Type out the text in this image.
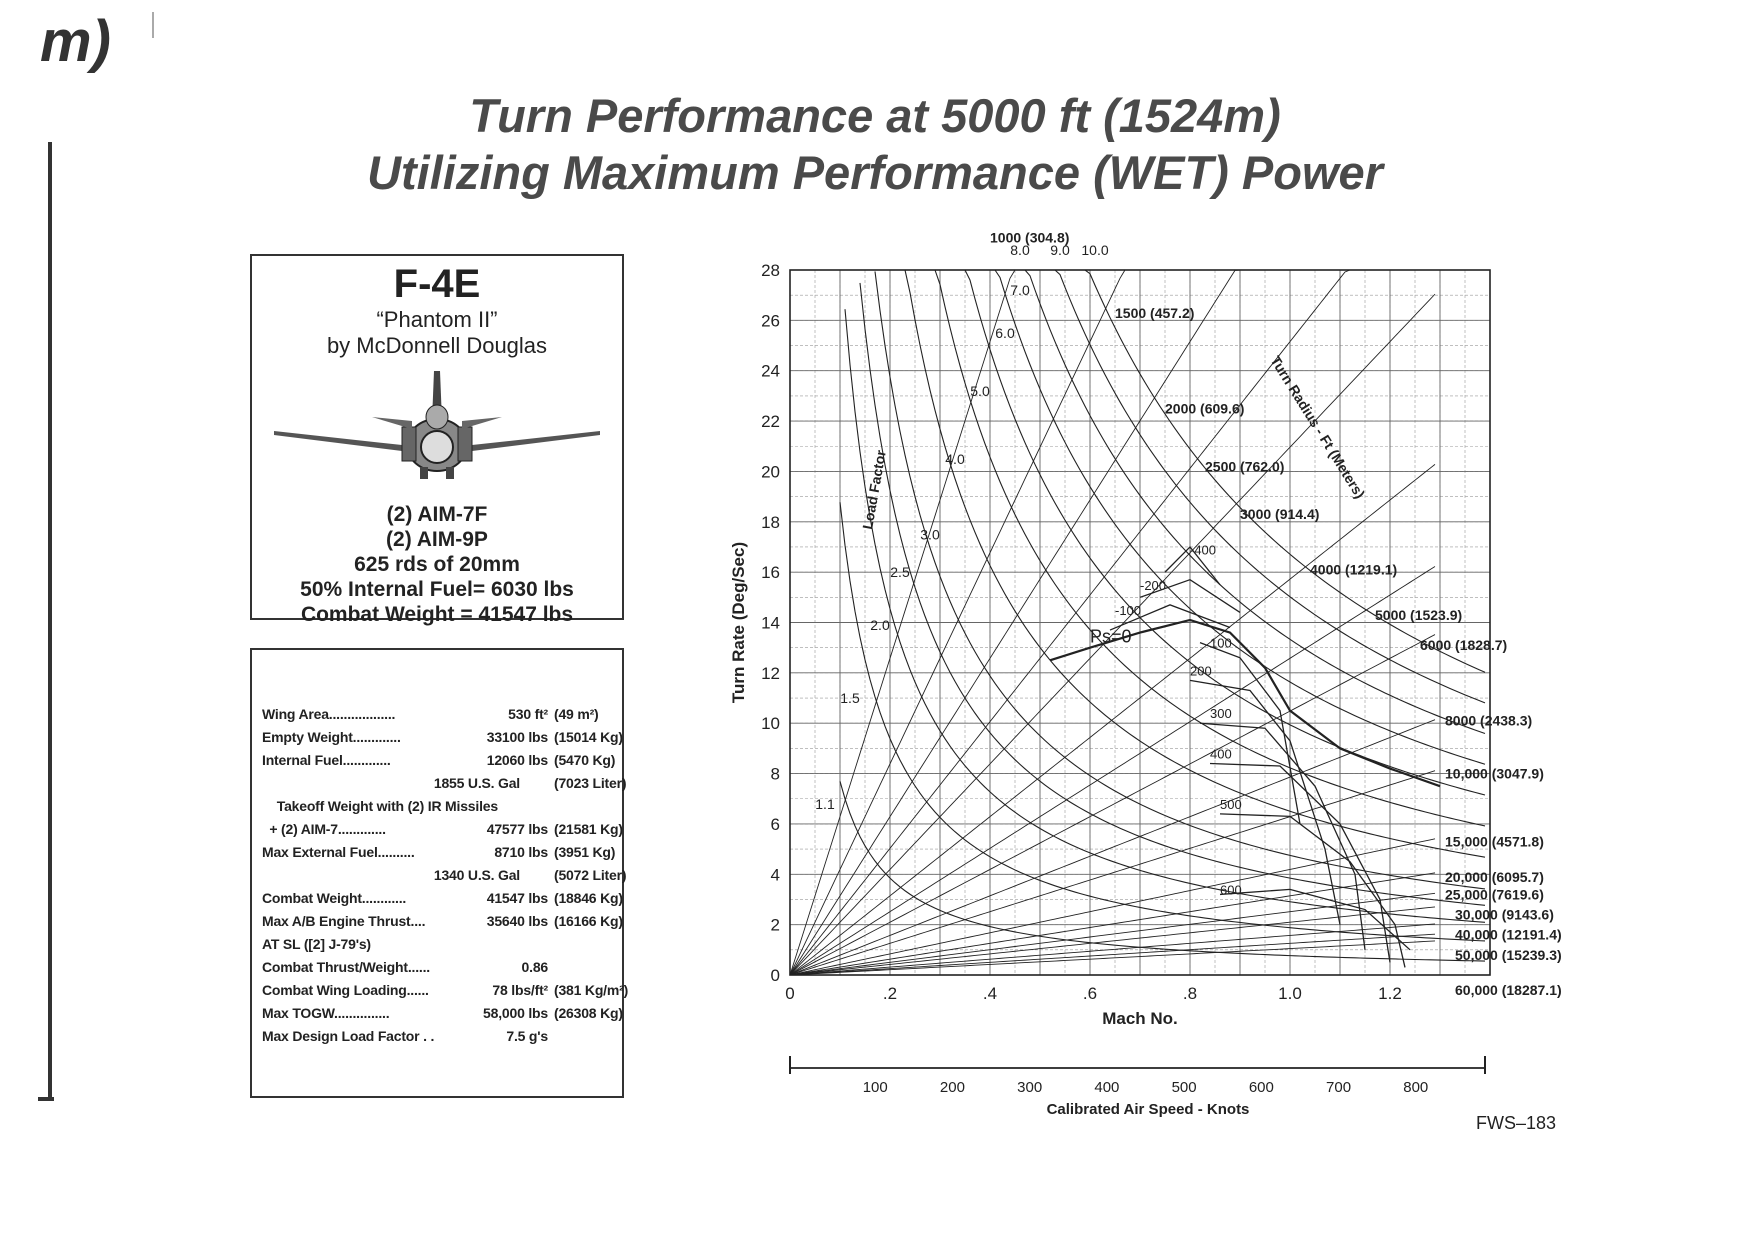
m)
Turn Performance at 5000 ft (1524m)
Utilizing Maximum Performance (WET) Power
F-4E
“Phantom II”
by McDonnell Douglas
(2) AIM-7F
(2) AIM-9P
625 rds of 20mm
50% Internal Fuel= 6030 lbs
Combat Weight = 41547 lbs
Wing Area..................	530 ft² (49 m²)
Empty Weight.............	33100 lbs (15014 Kg)
Internal Fuel.............	12060 lbs (5470 Kg)
1855 U.S. Gal (7023 Liter)
Takeoff Weight with (2) IR Missiles
+ (2) AIM-7.............	47577 lbs (21581 Kg)
Max External Fuel..........	8710 lbs (3951 Kg)
1340 U.S. Gal (5072 Liter)
Combat Weight............	41547 lbs (18846 Kg)
Max A/B Engine Thrust....	35640 lbs (16166 Kg)
AT SL ([2] J-79's)
Combat Thrust/Weight......	0.86
Combat Wing Loading......	78 lbs/ft² (381 Kg/m²)
Max TOGW...............	58,000 lbs (26308 Kg)
Max Design Load Factor . .	7.5 g's
0
2
4
6
8
10
12
14
16
18
20
22
24
26
28
0	.2	.4	.6	.8	1.0	1.2
Mach No.
Turn Rate (Deg/Sec)
1.1
1.5
2.0
2.5
3.0
4.0
5.0
6.0
7.0
8.0 9.0 10.0
Load Factor
1000 (304.8)
1500 (457.2)
2000 (609.6)
2500 (762.0)
3000 (914.4)
4000 (1219.1)
5000 (1523.9)
6000 (1828.7)
8000 (2438.3)
10,000 (3047.9)
15,000 (4571.8)
20,000 (6095.7)
25,000 (7619.6)
30,000 (9143.6)
40,000 (12191.4)
50,000 (15239.3)
60,000 (18287.1)
Turn Radius - Ft (Meters)
Ps=0
-400
-200
-100
100
200
300
400
500
600
100	200	300	400	500	600	700	800
Calibrated Air Speed - Knots
FWS–183
